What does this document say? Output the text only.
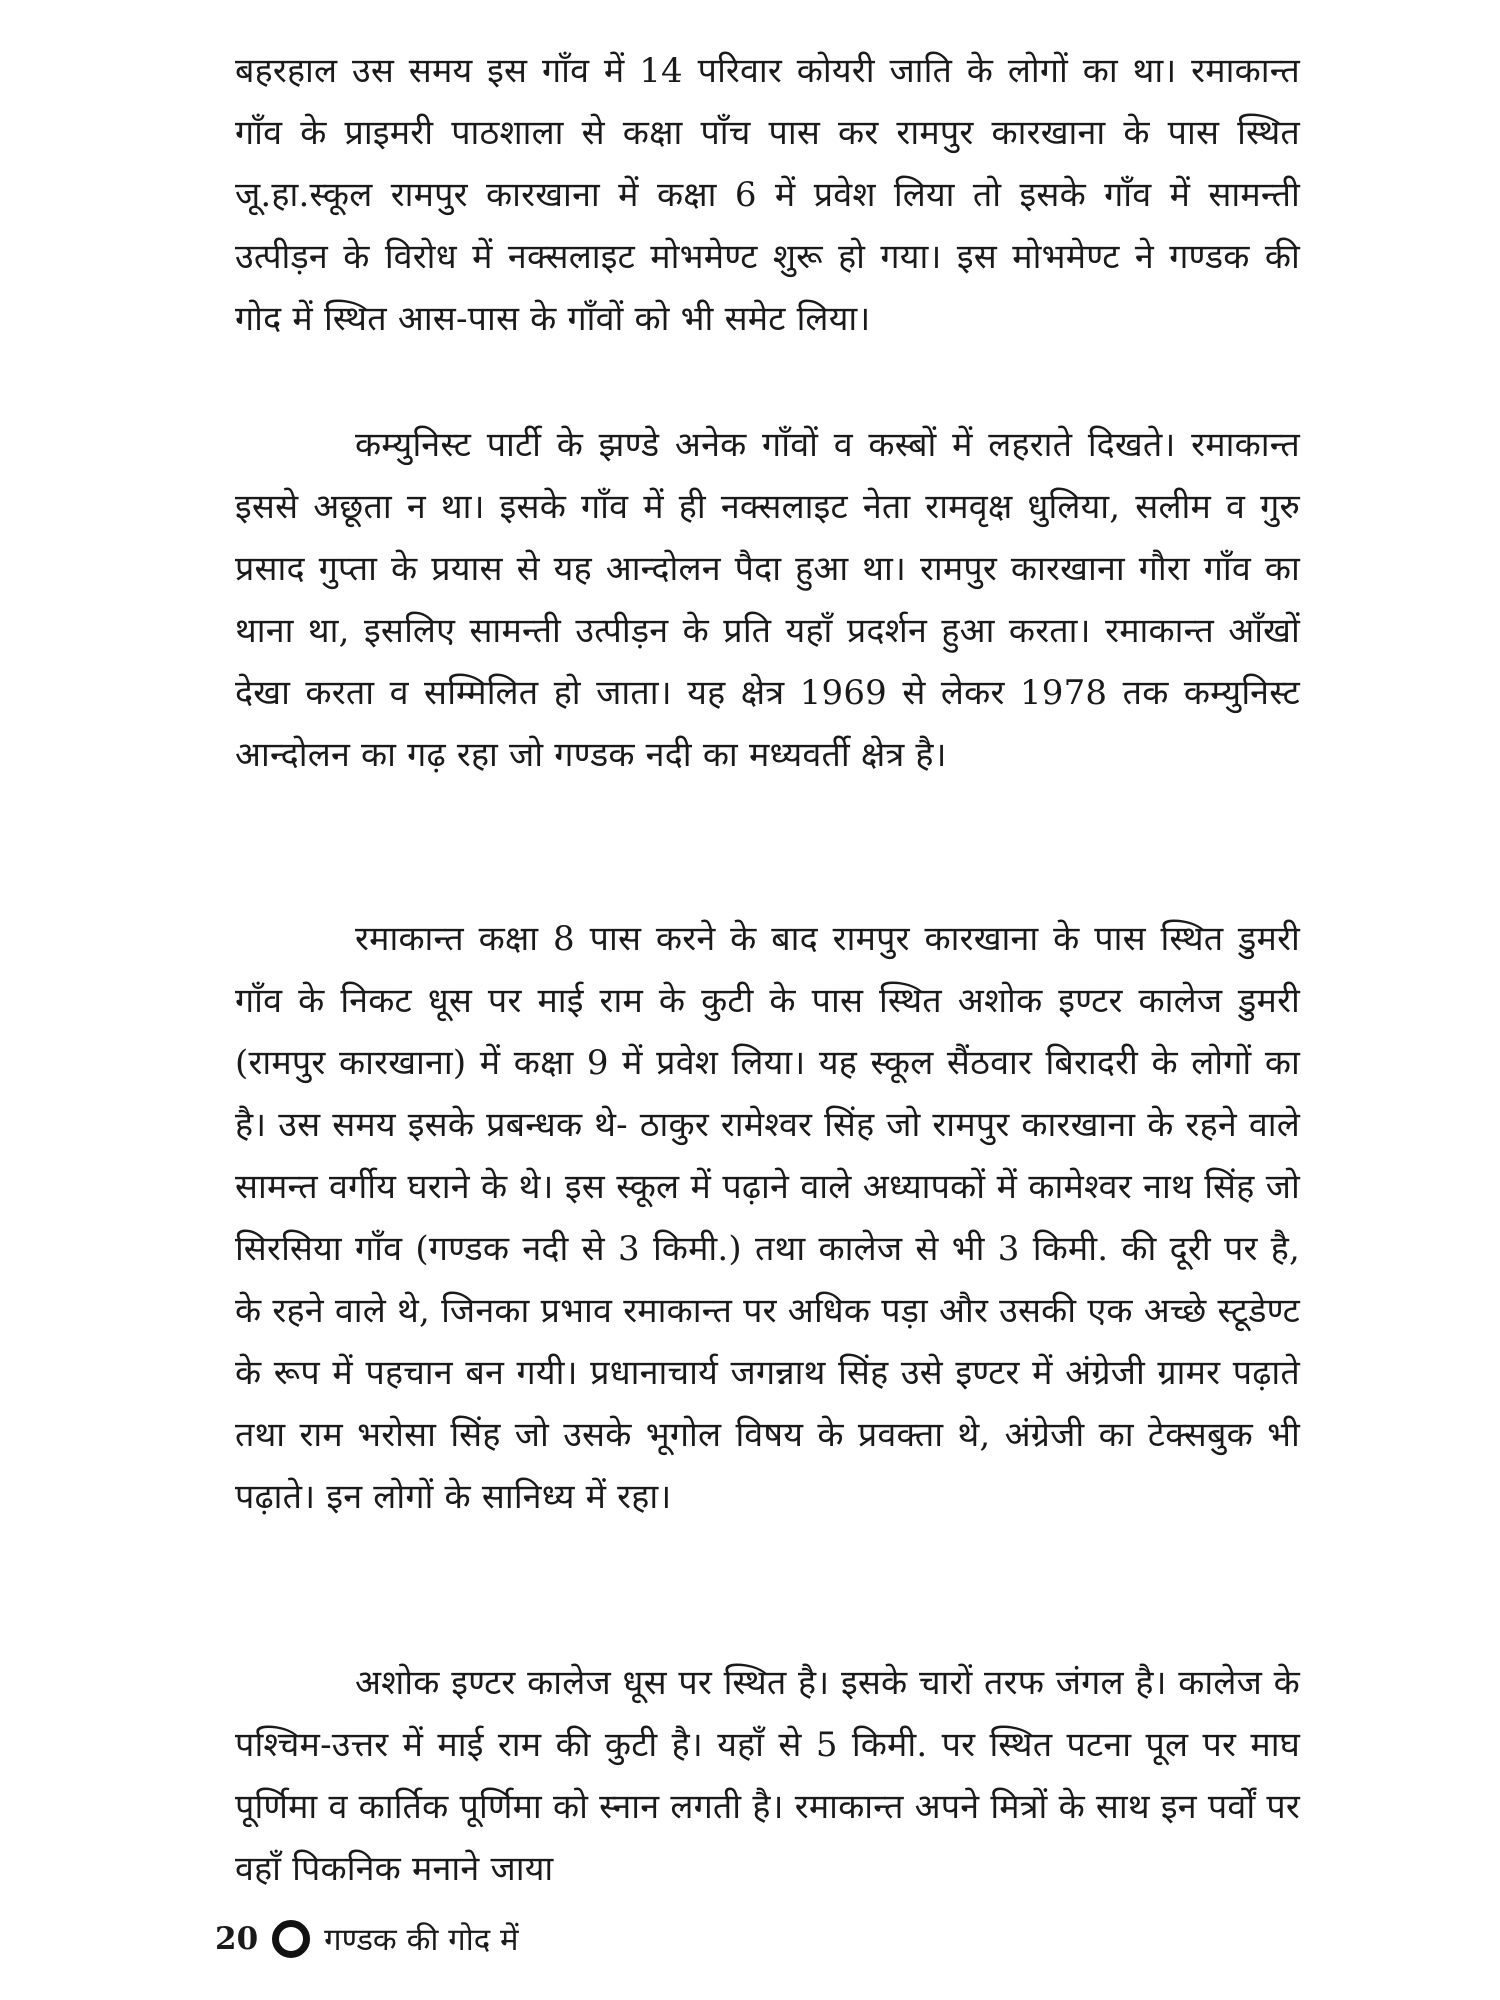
बहरहाल उस समय इस गाँव में 14 परिवार कोयरी जाति के लोगों का था। रमाकान्त गाँव के प्राइमरी पाठशाला से कक्षा पाँच पास कर रामपुर कारखाना के पास स्थित जू.हा.स्कूल रामपुर कारखाना में कक्षा 6 में प्रवेश लिया तो इसके गाँव में सामन्ती उत्पीड़न के विरोध में नक्सलाइट मोभमेण्ट शुरू हो गया। इस मोभमेण्ट ने गण्डक की गोद में स्थित आस-पास के गाँवों को भी समेट लिया।

कम्युनिस्ट पार्टी के झण्डे अनेक गाँवों व कस्बों में लहराते दिखते। रमाकान्त इससे अछूता न था। इसके गाँव में ही नक्सलाइट नेता रामवृक्ष धुलिया, सलीम व गुरु प्रसाद गुप्ता के प्रयास से यह आन्दोलन पैदा हुआ था। रामपुर कारखाना गौरा गाँव का थाना था, इसलिए सामन्ती उत्पीड़न के प्रति यहाँ प्रदर्शन हुआ करता। रमाकान्त आँखों देखा करता व सम्मिलित हो जाता। यह क्षेत्र 1969 से लेकर 1978 तक कम्युनिस्ट आन्दोलन का गढ़ रहा जो गण्डक नदी का मध्यवर्ती क्षेत्र है।

रमाकान्त कक्षा 8 पास करने के बाद रामपुर कारखाना के पास स्थित डुमरी गाँव के निकट धूस पर माई राम के कुटी के पास स्थित अशोक इण्टर कालेज डुमरी (रामपुर कारखाना) में कक्षा 9 में प्रवेश लिया। यह स्कूल सैंठवार बिरादरी के लोगों का है। उस समय इसके प्रबन्धक थे- ठाकुर रामेश्वर सिंह जो रामपुर कारखाना के रहने वाले सामन्त वर्गीय घराने के थे। इस स्कूल में पढ़ाने वाले अध्यापकों में कामेश्वर नाथ सिंह जो सिरसिया गाँव (गण्डक नदी से 3 किमी.) तथा कालेज से भी 3 किमी. की दूरी पर है, के रहने वाले थे, जिनका प्रभाव रमाकान्त पर अधिक पड़ा और उसकी एक अच्छे स्टूडेण्ट के रूप में पहचान बन गयी। प्रधानाचार्य जगन्नाथ सिंह उसे इण्टर में अंग्रेजी ग्रामर पढ़ाते तथा राम भरोसा सिंह जो उसके भूगोल विषय के प्रवक्ता थे, अंग्रेजी का टेक्सबुक भी पढ़ाते। इन लोगों के सानिध्य में रहा।

अशोक इण्टर कालेज धूस पर स्थित है। इसके चारों तरफ जंगल है। कालेज के पश्चिम-उत्तर में माई राम की कुटी है। यहाँ से 5 किमी. पर स्थित पटना पूल पर माघ पूर्णिमा व कार्तिक पूर्णिमा को स्नान लगती है। रमाकान्त अपने मित्रों के साथ इन पर्वों पर वहाँ पिकनिक मनाने जाया

20 गण्डक की गोद में
